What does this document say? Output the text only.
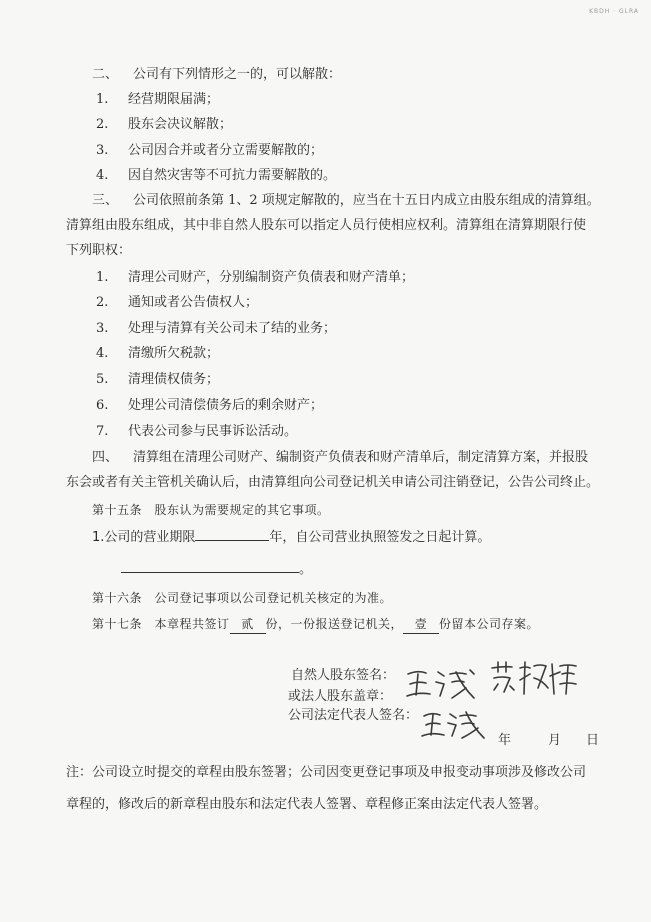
KBDH · GLRA
二、 公司有下列情形之一的，可以解散：
1. 经营期限届满；
2. 股东会决议解散；
3. 公司因合并或者分立需要解散的；
4. 因自然灾害等不可抗力需要解散的。
三、 公司依照前条第 1、2 项规定解散的，应当在十五日内成立由股东组成的清算组。
清算组由股东组成，其中非自然人股东可以指定人员行使相应权利。清算组在清算期限行使
下列职权：
1. 清理公司财产，分别编制资产负债表和财产清单；
2. 通知或者公告债权人；
3. 处理与清算有关公司未了结的业务；
4. 清缴所欠税款；
5. 清理债权债务；
6. 处理公司清偿债务后的剩余财产；
7. 代表公司参与民事诉讼活动。
四、 清算组在清理公司财产、编制资产负债表和财产清单后，制定清算方案，并报股
东会或者有关主管机关确认后，由清算组向公司登记机关申请公司注销登记，公告公司终止。
第十五条　股东认为需要规定的其它事项。
1.公司的营业期限	年，自公司营业执照签发之日起计算。
。
第十六条　公司登记事项以公司登记机关核定的为准。
第十七条　本章程共签订 贰 份，一份报送登记机关， 壹 份留本公司存案。
自然人股东签名：
或法人股东盖章：
公司法定代表人签名：
年	月 日
注：公司设立时提交的章程由股东签署；公司因变更登记事项及申报变动事项涉及修改公司
章程的，修改后的新章程由股东和法定代表人签署、章程修正案由法定代表人签署。
